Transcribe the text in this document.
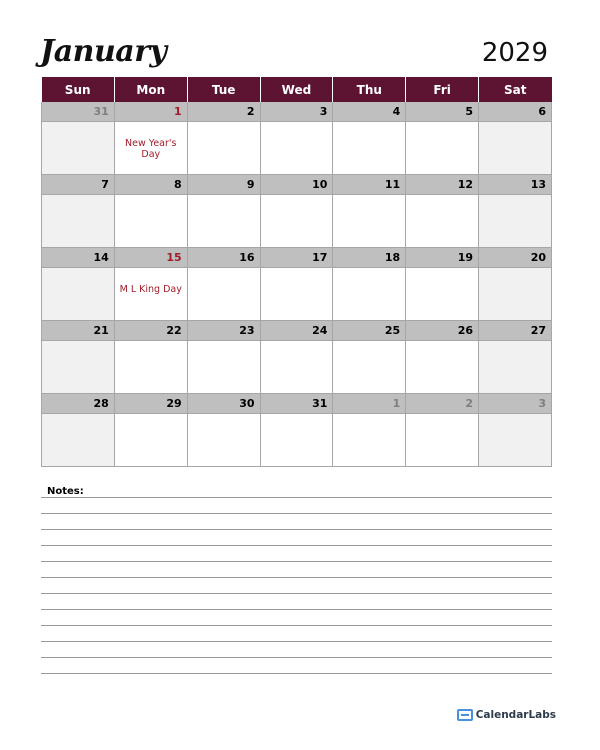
January	2029
Sun	Mon	Tue	Wed	Thu	Fri	Sat
31	1	2	3	4	5	6

	New Year's Day					

7	8	9	10	11	12	13

14	15	16	17	18	19	20

	M L King Day					

21	22	23	24	25	26	27

28	29	30	31	1	2	3

Notes:
CalendarLabs
